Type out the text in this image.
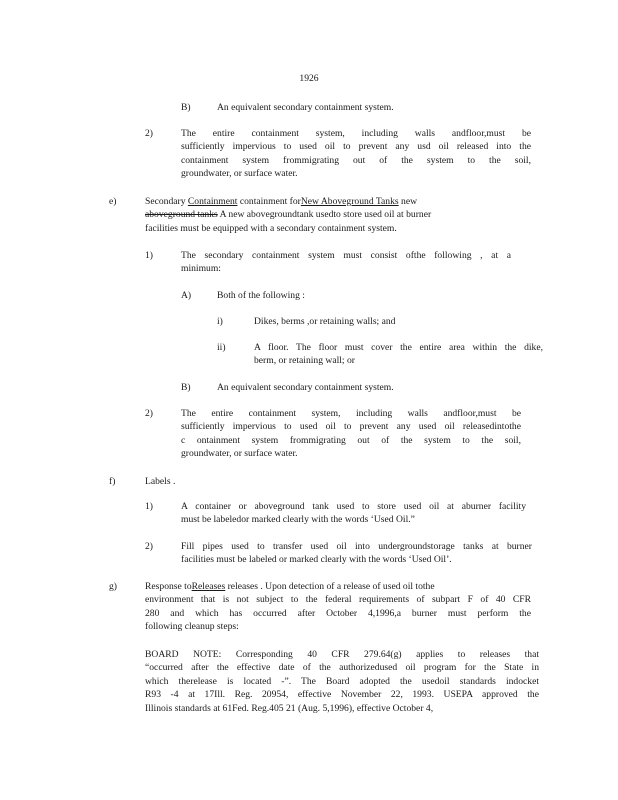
1926
B)	An equivalent secondary containment system.
2)	The entire containment system, including walls andfloor,must be
sufficiently impervious to used oil to prevent any usd oil released into the
containment system frommigrating out of the system to the soil,
groundwater, or surface water.
e)	Secondary Containment containment forNew Aboveground Tanks new
aboveground tanks A new abovegroundtank usedto store used oil at burner
facilities must be equipped with a secondary containment system.
1)	The secondary containment system must consist ofthe following , at a
minimum:
A)	Both of the following :
i)	Dikes, berms ,or retaining walls; and
ii)	A floor. The floor must cover the entire area within the dike,
berm, or retaining wall; or
B)	An equivalent secondary containment system.
2)	The entire containment system, including walls andfloor,must be
sufficiently impervious to used oil to prevent any used oil releasedintothe
c ontainment system frommigrating out of the system to the soil,
groundwater, or surface water.
f)	Labels .
1)	A container or aboveground tank used to store used oil at aburner facility
must be labeledor marked clearly with the words ‘Used Oil.”
2)	Fill pipes used to transfer used oil into undergroundstorage tanks at burner
facilities must be labeled or marked clearly with the words ‘Used Oil’.
g)	Response toReleases releases . Upon detection of a release of used oil tothe
environment that is not subject to the federal requirements of subpart F of 40 CFR
280 and which has occurred after October 4,1996,a burner must perform the
following cleanup steps:
BOARD NOTE: Corresponding 40 CFR 279.64(g) applies to releases that
“occurred after the effective date of the authorizedused oil program for the State in
which therelease is located -”. The Board adopted the usedoil standards indocket
R93 -4 at 17Ill. Reg. 20954, effective November 22, 1993. USEPA approved the
Illinois standards at 61Fed. Reg.405 21 (Aug. 5,1996), effective October 4,
